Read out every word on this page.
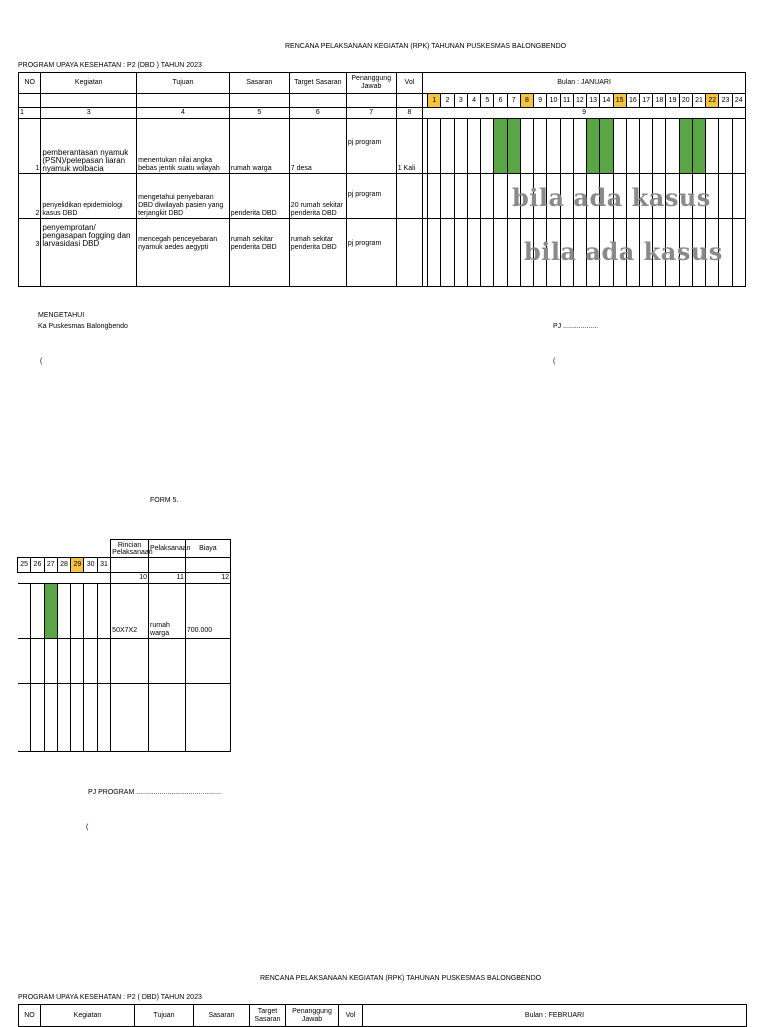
RENCANA PELAKSANAAN KEGIATAN (RPK) TAHUNAN PUSKESMAS BALONGBENDO
PROGRAM UPAYA KESEHATAN : P2 (DBD ) TAHUN 2023
NO	Kegiatan	Tujuan	Sasaran	Target Sasaran	Penanggung Jawab	Vol	Bulan : JANUARI																								
								1	2	3	4	5	6	7	8	9	10	11	12	13	14	15	16	17	18	19	20	21	22	23	24
1	3	4	5	6	7	8	9																								
1	pemberantasan nyamuk (PSN)/pelepasan liaran nyamuk wolbacia	menentukan nilai angka bebas jentik suatu wilayah	rumah warga	7 desa	pj program	1 Kali																									
2	penyelidikan epidemiologi kasus DBD	mengetahui penyebaran DBD diwilayah pasien yang terjangkit DBD	penderita DBD	20 rumah sekitar penderita DBD	pj program																										
3	penyemprotan/ pengasapan fogging dan larvasidasi DBD	mencegah penceyebaran nyamuk aedes aegypti	rumah sekitar penderita DBD	rumah sekitar penderita DBD	pj program																										
bila ada kasus
bila ada kasus
MENGETAHUI
Ka Puskesmas Balongbendo	PJ ..................
(	(
FORM 5.
							Rincian Pelaksanaan	Pelaksanaan	Biaya
25	26	27	28	29	30	31			
							10	11	12
							50X7X2	rumah warga	700.000

PJ PROGRAM ............................................
(
RENCANA PELAKSANAAN KEGIATAN (RPK) TAHUNAN PUSKESMAS BALONGBENDO
PROGRAM UPAYA KESEHATAN : P2 ( DBD) TAHUN 2023
NO	Kegiatan	Tujuan	Sasaran	Target Sasaran	Penanggung Jawab	Vol	Bulan : FEBRUARI
